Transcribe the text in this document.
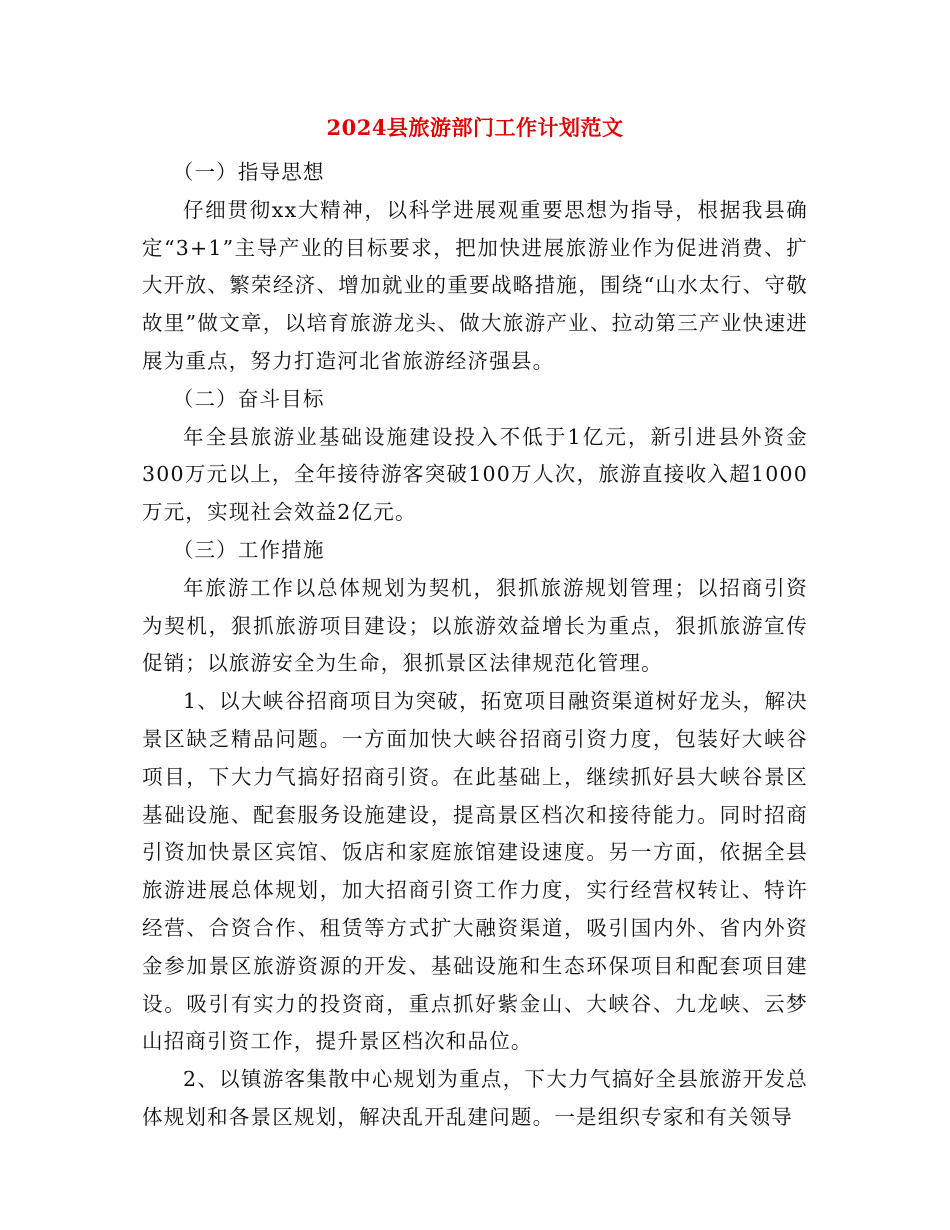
2024县旅游部门工作计划范文

（一）指导思想

仔细贯彻xx大精神，以科学进展观重要思想为指导，根据我县确定“3+1”主导产业的目标要求，把加快进展旅游业作为促进消费、扩大开放、繁荣经济、增加就业的重要战略措施，围绕“山水太行、守敬故里”做文章，以培育旅游龙头、做大旅游产业、拉动第三产业快速进展为重点，努力打造河北省旅游经济强县。

（二）奋斗目标

年全县旅游业基础设施建设投入不低于1亿元，新引进县外资金300万元以上，全年接待游客突破100万人次，旅游直接收入超1000万元，实现社会效益2亿元。

（三）工作措施

年旅游工作以总体规划为契机，狠抓旅游规划管理；以招商引资为契机，狠抓旅游项目建设；以旅游效益增长为重点，狠抓旅游宣传促销；以旅游安全为生命，狠抓景区法律规范化管理。

1、以大峡谷招商项目为突破，拓宽项目融资渠道树好龙头，解决景区缺乏精品问题。一方面加快大峡谷招商引资力度，包装好大峡谷项目，下大力气搞好招商引资。在此基础上，继续抓好县大峡谷景区基础设施、配套服务设施建设，提高景区档次和接待能力。同时招商引资加快景区宾馆、饭店和家庭旅馆建设速度。另一方面，依据全县旅游进展总体规划，加大招商引资工作力度，实行经营权转让、特许经营、合资合作、租赁等方式扩大融资渠道，吸引国内外、省内外资金参加景区旅游资源的开发、基础设施和生态环保项目和配套项目建设。吸引有实力的投资商，重点抓好紫金山、大峡谷、九龙峡、云梦山招商引资工作，提升景区档次和品位。

2、以镇游客集散中心规划为重点，下大力气搞好全县旅游开发总体规划和各景区规划，解决乱开乱建问题。一是组织专家和有关领导
